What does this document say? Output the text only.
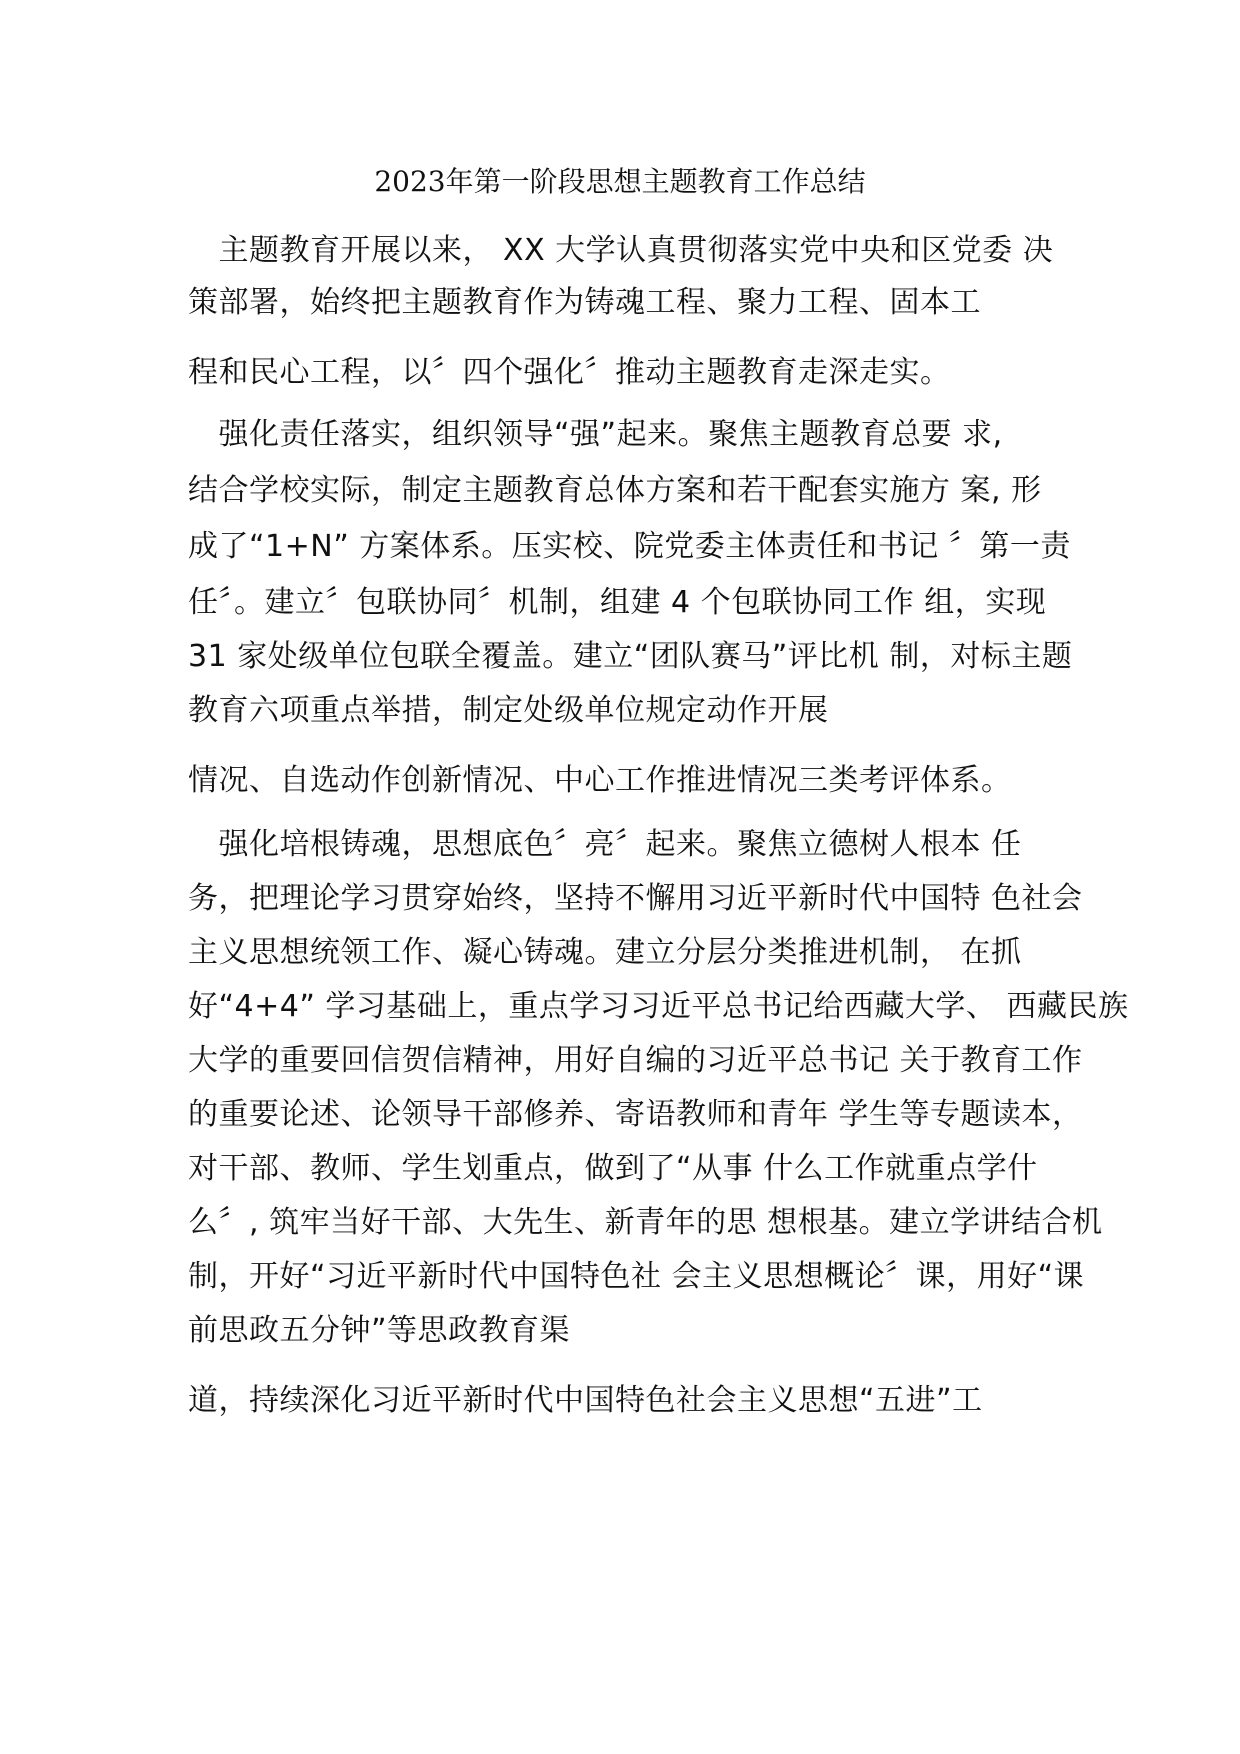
2023年第一阶段思想主题教育工作总结
　主题教育开展以来， XX 大学认真贯彻落实党中央和区党委 决
策部署，始终把主题教育作为铸魂工程、聚力工程、固本工
程和民心工程，以〞四个强化〞推动主题教育走深走实。
　强化责任落实，组织领导“强”起来。聚焦主题教育总要 求,
结合学校实际，制定主题教育总体方案和若干配套实施方 案, 形
成了“1+N” 方案体系。压实校、院党委主体责任和书记 〞第一责
任〞。建立〞包联协同〞机制，组建 4 个包联协同工作 组，实现
31 家处级单位包联全覆盖。建立“团队赛马”评比机 制，对标主题
教育六项重点举措，制定处级单位规定动作开展
情况、自选动作创新情况、中心工作推进情况三类考评体系。
　强化培根铸魂，思想底色〞亮〞起来。聚焦立德树人根本 任
务，把理论学习贯穿始终，坚持不懈用习近平新时代中国特 色社会
主义思想统领工作、凝心铸魂。建立分层分类推进机制， 在抓
好“4+4” 学习基础上，重点学习习近平总书记给西藏大学、 西藏民族
大学的重要回信贺信精神，用好自编的习近平总书记 关于教育工作
的重要论述、论领导干部修养、寄语教师和青年 学生等专题读本，
对干部、教师、学生划重点，做到了“从事 什么工作就重点学什
么〞, 筑牢当好干部、大先生、新青年的思 想根基。建立学讲结合机
制，开好“习近平新时代中国特色社 会主义思想概论〞课，用好“课
前思政五分钟”等思政教育渠
道，持续深化习近平新时代中国特色社会主义思想“五进”工
